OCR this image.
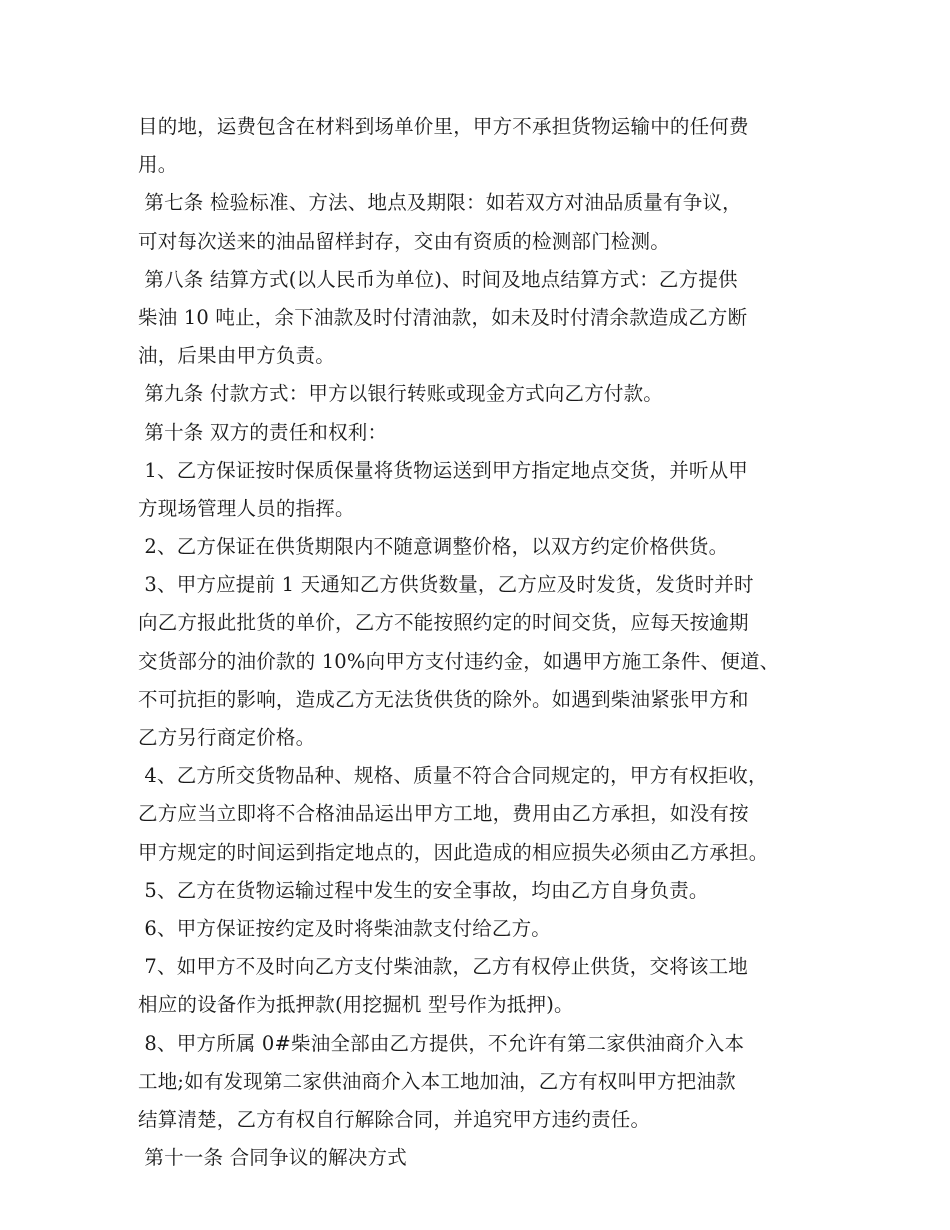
目的地，运费包含在材料到场单价里，甲方不承担货物运输中的任何费
用。
第七条 检验标准、方法、地点及期限：如若双方对油品质量有争议，
可对每次送来的油品留样封存，交由有资质的检测部门检测。
第八条 结算方式(以人民币为单位)、时间及地点结算方式：乙方提供
柴油 10 吨止，余下油款及时付清油款，如未及时付清余款造成乙方断
油，后果由甲方负责。
第九条 付款方式：甲方以银行转账或现金方式向乙方付款。
第十条 双方的责任和权利：
1、乙方保证按时保质保量将货物运送到甲方指定地点交货，并听从甲
方现场管理人员的指挥。
2、乙方保证在供货期限内不随意调整价格，以双方约定价格供货。
3、甲方应提前 1 天通知乙方供货数量，乙方应及时发货，发货时并时
向乙方报此批货的单价，乙方不能按照约定的时间交货，应每天按逾期
交货部分的油价款的 10%向甲方支付违约金，如遇甲方施工条件、便道、
不可抗拒的影响，造成乙方无法货供货的除外。如遇到柴油紧张甲方和
乙方另行商定价格。
4、乙方所交货物品种、规格、质量不符合合同规定的，甲方有权拒收，
乙方应当立即将不合格油品运出甲方工地，费用由乙方承担，如没有按
甲方规定的时间运到指定地点的，因此造成的相应损失必须由乙方承担。
5、乙方在货物运输过程中发生的安全事故，均由乙方自身负责。
6、甲方保证按约定及时将柴油款支付给乙方。
7、如甲方不及时向乙方支付柴油款，乙方有权停止供货，交将该工地
相应的设备作为抵押款(用挖掘机 型号作为抵押)。
8、甲方所属 0#柴油全部由乙方提供，不允许有第二家供油商介入本
工地;如有发现第二家供油商介入本工地加油，乙方有权叫甲方把油款
结算清楚，乙方有权自行解除合同，并追究甲方违约责任。
第十一条 合同争议的解决方式
